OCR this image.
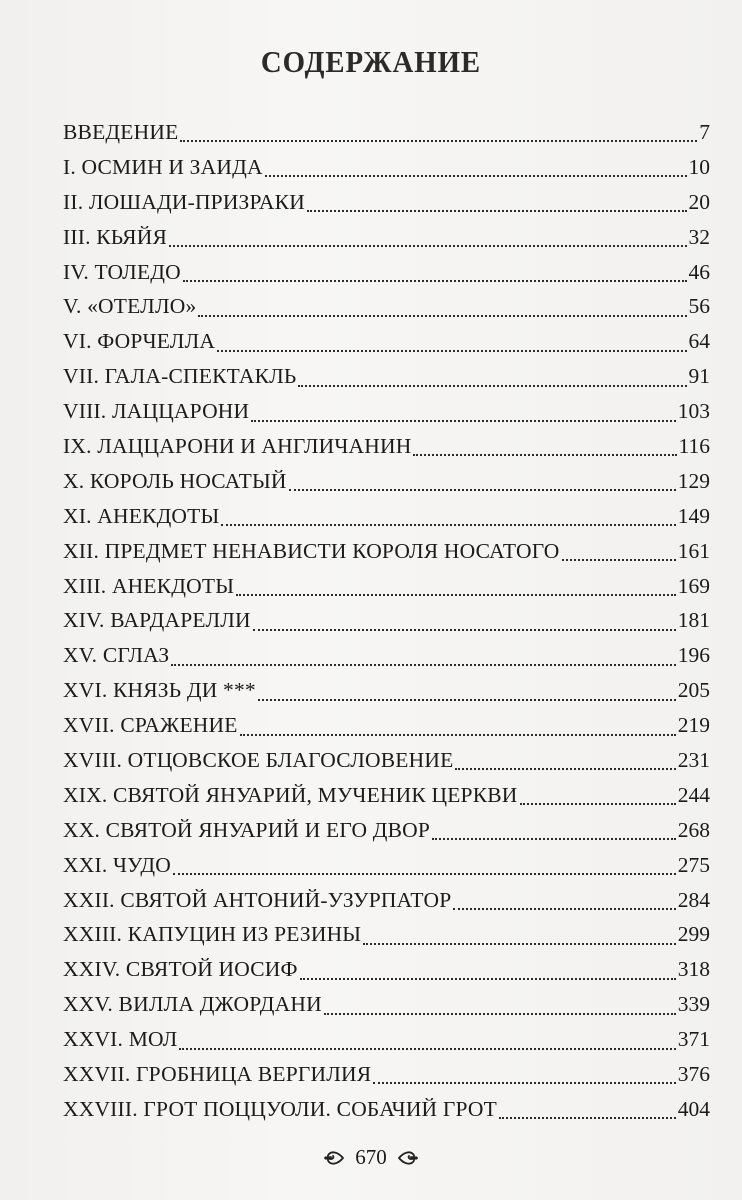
СОДЕРЖАНИЕ
ВВЕДЕНИЕ	7
I. ОСМИН И ЗАИДА	10
II. ЛОШАДИ-ПРИЗРАКИ	20
III. КЬЯЙЯ	32
IV. ТОЛЕДО	46
V. «ОТЕЛЛО»	56
VI. ФОРЧЕЛЛА	64
VII. ГАЛА-СПЕКТАКЛЬ	91
VIII. ЛАЦЦАРОНИ	103
IX. ЛАЦЦАРОНИ И АНГЛИЧАНИН	116
X. КОРОЛЬ НОСАТЫЙ	129
XI. АНЕКДОТЫ	149
XII. ПРЕДМЕТ НЕНАВИСТИ КОРОЛЯ НОСАТОГО	161
XIII. АНЕКДОТЫ	169
XIV. ВАРДАРЕЛЛИ	181
XV. СГЛАЗ	196
XVI. КНЯЗЬ ДИ ***	205
XVII. СРАЖЕНИЕ	219
XVIII. ОТЦОВСКОЕ БЛАГОСЛОВЕНИЕ	231
XIX. СВЯТОЙ ЯНУАРИЙ, МУЧЕНИК ЦЕРКВИ	244
XX. СВЯТОЙ ЯНУАРИЙ И ЕГО ДВОР	268
XXI. ЧУДО	275
XXII. СВЯТОЙ АНТОНИЙ-УЗУРПАТОР	284
XXIII. КАПУЦИН ИЗ РЕЗИНЫ	299
XXIV. СВЯТОЙ ИОСИФ	318
XXV. ВИЛЛА ДЖОРДАНИ	339
XXVI. МОЛ	371
XXVII. ГРОБНИЦА ВЕРГИЛИЯ	376
XXVIII. ГРОТ ПОЦЦУОЛИ. СОБАЧИЙ ГРОТ	404
670
